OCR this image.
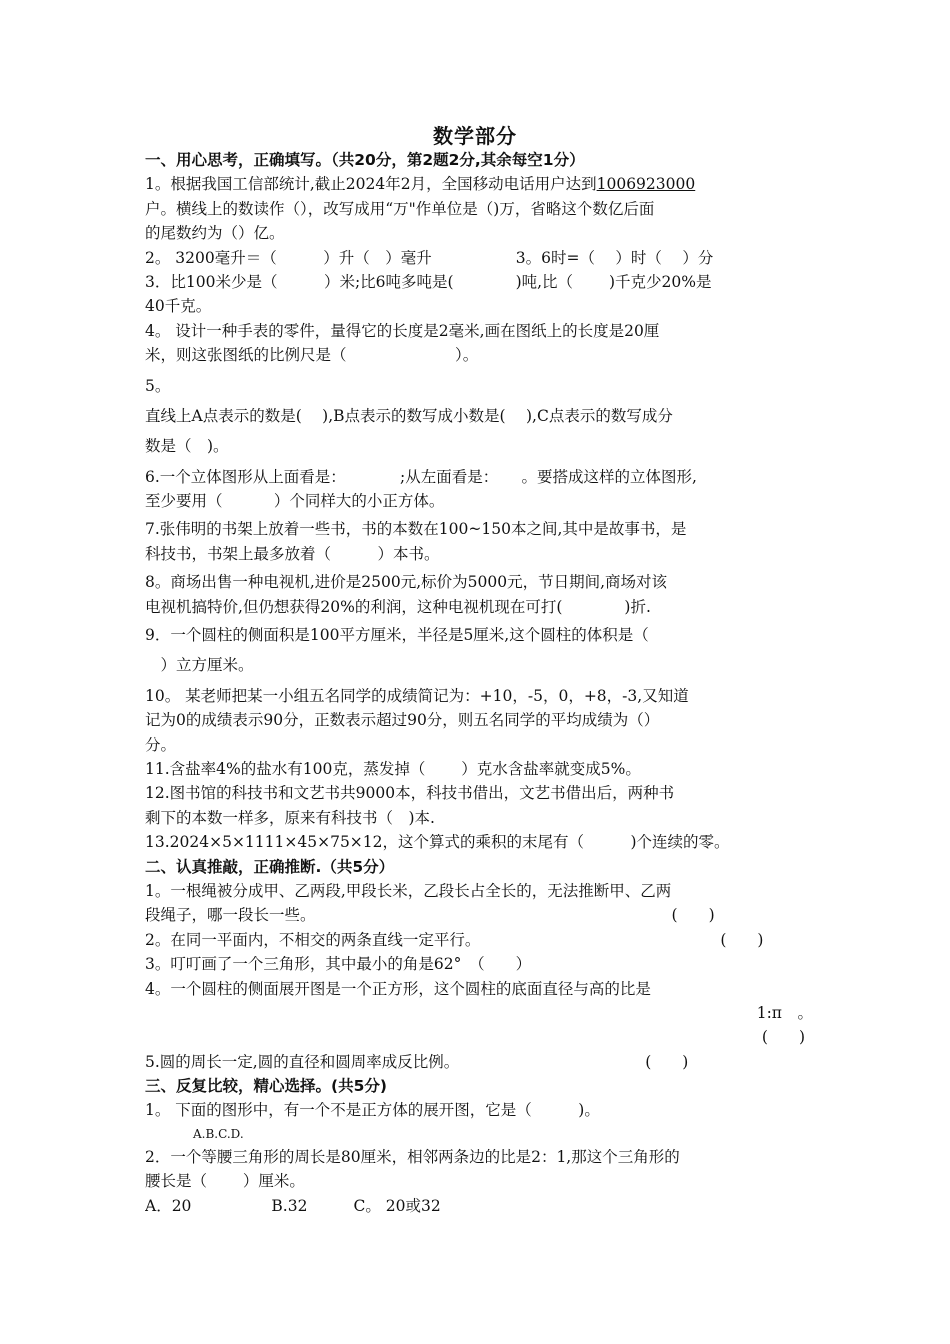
数学部分
一、用心思考，正确填写。（共20分，第2题2分,其余每空1分）
1。根据我国工信部统计,截止2024年2月，全国移动电话用户达到1006923000
户。横线上的数读作（），改写成用“万"作单位是（)万，省略这个数亿后面
的尾数约为（）亿。
2。 3200毫升＝（　　　）升（　）毫升	3。6时=（　 ）时（　 ）分
3．比100米少是（　　　）米;比6吨多吨是(　　　　)吨,比（　　 )千克少20%是
40千克。
4。 设计一种手表的零件，量得它的长度是2毫米,画在图纸上的长度是20厘
米，则这张图纸的比例尺是（　　　　　　　）。
5。
直线上A点表示的数是(　 ),B点表示的数写成小数是(　 ),C点表示的数写成分
数是（　)。
6.一个立体图形从上面看是：　　　　;从左面看是：　　。要搭成这样的立体图形,
至少要用（　　　 ）个同样大的小正方体。
7.张伟明的书架上放着一些书，书的本数在100~150本之间,其中是故事书，是
科技书，书架上最多放着（　　　）本书。
8。商场出售一种电视机,进价是2500元,标价为5000元，节日期间,商场对该
电视机搞特价,但仍想获得20%的利润，这种电视机现在可打(　　　　)折.
9．一个圆柱的侧面积是100平方厘米，半径是5厘米,这个圆柱的体积是（
　）立方厘米。
10。 某老师把某一小组五名同学的成绩简记为：+10，-5，0，+8，-3,又知道
记为0的成绩表示90分，正数表示超过90分，则五名同学的平均成绩为（）
分。
11.含盐率4%的盐水有100克，蒸发掉（　　 ）克水含盐率就变成5%。
12.图书馆的科技书和文艺书共9000本，科技书借出，文艺书借出后，两种书
剩下的本数一样多，原来有科技书（　)本.
13.2024×5×1111×45×75×12，这个算式的乘积的末尾有（　　　)个连续的零。
二、认真推敲，正确推断.（共5分）
1。一根绳被分成甲、乙两段,甲段长米，乙段长占全长的，无法推断甲、乙两
段绳子，哪一段长一些。	(　　)
2。在同一平面内，不相交的两条直线一定平行。	(　　)
3。叮叮画了一个三角形，其中最小的角是62°　（　　）
4。一个圆柱的侧面展开图是一个正方形，这个圆柱的底面直径与高的比是
1:π　。
(　　)
5.圆的周长一定,圆的直径和圆周率成反比例。	(　　)
三、反复比较，精心选择。(共5分)
1。 下面的图形中，有一个不是正方体的展开图，它是（　　　)。
A.B.C.D.
2．一个等腰三角形的周长是80厘米，相邻两条边的比是2：1,那这个三角形的
腰长是（　　 ）厘米。
A．20	B.32	C。 20或32
